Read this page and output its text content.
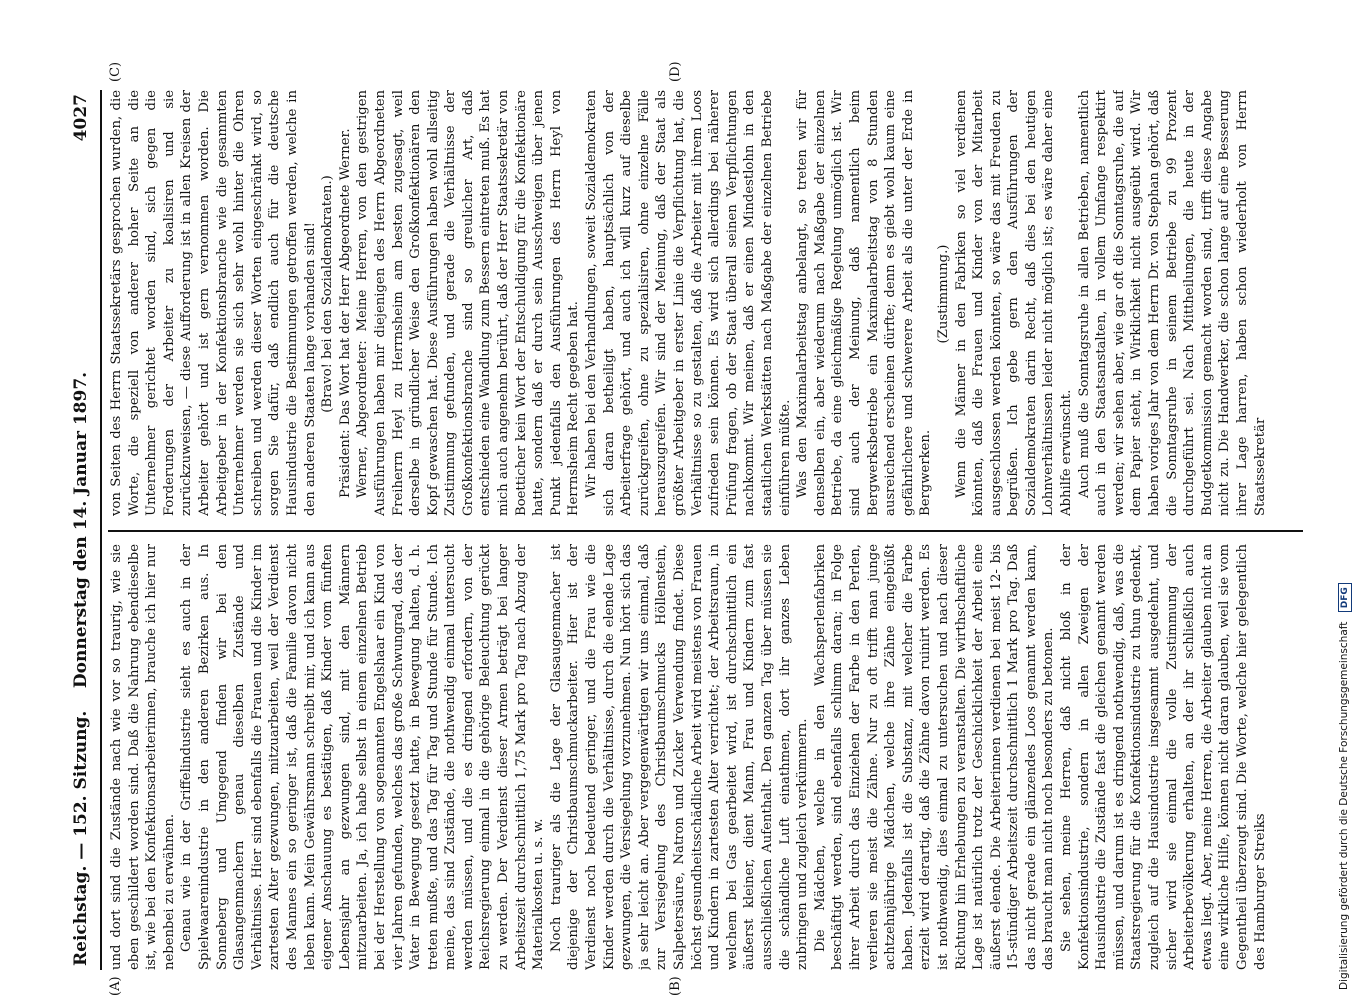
Reichstag. — 152. Sitzung.
Donnerstag den 14. Januar 1897.
4027
(A)	(B)
(C)	(D)

und dort sind die Zustände nach wie vor so traurig, wie sie eben geschildert worden sind. Daß die Nahrung ebendieselbe ist, wie bei den Konfektionsarbeiterinnen, brauche ich hier nur nebenbei zu erwähnen. Genau wie in der Griffelindustrie sieht es auch in der Spielwaarenindustrie in den anderen Bezirken aus. In Sonneberg und Umgegend finden wir bei den Glasangenmachern genau dieselben Zustände und Verhältnisse. Hier sind ebenfalls die Frauen und die Kinder im zartesten Alter gezwungen, mitzuarbeiten, weil der Verdienst des Mannes ein so geringer ist, daß die Familie davon nicht leben kann. Mein Gewährsmann schreibt mir, und ich kann aus eigener Anschauung es bestätigen, daß Kinder vom fünften Lebensjahr an gezwungen sind, mit den Männern mitzuarbeiten. Ja, ich habe selbst in einem einzelnen Betrieb bei der Herstellung von sogenannten Engelshaar ein Kind von vier Jahren gefunden, welches das große Schwungrad, das der Vater in Bewegung gesetzt hatte, in Bewegung halten, d. h. treten mußte, und das Tag für Tag und Stunde für Stunde. Ich meine, das sind Zustände, die nothwendig einmal untersucht werden müssen, und die es dringend erfordern, von der Reichsregierung einmal in die gehörige Beleuchtung gerückt zu werden. Der Verdienst dieser Armen beträgt bei langer Arbeitszeit durchschnittlich 1,75 Mark pro Tag nach Abzug der Materialkosten u. s. w. Noch trauriger als die Lage der Glasaugenmacher ist diejenige der Christbaumschmuckarbeiter. Hier ist der Verdienst noch bedeutend geringer, und die Frau wie die Kinder werden durch die Verhältnisse, durch die elende Lage gezwungen, die Versiegelung vorzunehmen. Nun hört sich das ja sehr leicht an. Aber vergegenwärtigen wir uns einmal, daß zur Versiegelung des Christbaumschmucks Höllenstein, Salpetersäure, Natron und Zucker Verwendung findet. Diese höchst gesundheitsschädliche Arbeit wird meistens von Frauen und Kindern in zartesten Alter verrichtet; der Arbeitsraum, in welchem bei Gas gearbeitet wird, ist durchschnittlich ein äußerst kleiner, dient Mann, Frau und Kindern zum fast ausschließlichen Aufenthalt. Den ganzen Tag über müssen sie die schändliche Luft einathmen, dort ihr ganzes Leben zubringen und zugleich verkümmern. Die Mädchen, welche in den Wachsperlenfabriken beschäftigt werden, sind ebenfalls schlimm daran; in Folge ihrer Arbeit durch das Einziehen der Farbe in den Perlen, verlieren sie meist die Zähne. Nur zu oft trifft man junge achtzehnjährige Mädchen, welche ihre Zähne eingebüßt haben. Jedenfalls ist die Substanz, mit welcher die Farbe erzielt wird derartig, daß die Zähne davon ruinirt werden. Es ist nothwendig, dies einmal zu untersuchen und nach dieser Richtung hin Erhebungen zu veranstalten. Die wirthschaftliche Lage ist natürlich trotz der Geschicklichkeit der Arbeit eine äußerst elende. Die Arbeiterinnen verdienen bei meist 12- bis 15-stündiger Arbeitszeit durchschnittlich 1 Mark pro Tag. Daß das nicht gerade ein glänzendes Loos genannt werden kann, das braucht man nicht noch besonders zu betonen. Sie sehen, meine Herren, daß nicht bloß in der Konfektionsindustrie, sondern in allen Zweigen der Hausindustrie die Zustände fast die gleichen genannt werden müssen, und darum ist es dringend nothwendig, daß, was die Staatsregierung für die Konfektionsindustrie zu thun gedenkt, zugleich auf die Hausindustrie insgesammt ausgedehnt, und sicher wird sie einmal die volle Zustimmung der Arbeiterbevölkerung erhalten, an der ihr schließlich auch etwas liegt. Aber, meine Herren, die Arbeiter glauben nicht an eine wirkliche Hilfe, können nicht daran glauben, weil sie vom Gegentheil überzeugt sind. Die Worte, welche hier gelegentlich des Hamburger Streiks

von Seiten des Herrn Staatssekretärs gesprochen wurden, die Worte, die speziell von anderer hoher Seite an die Unternehmer gerichtet worden sind, sich gegen die Forderungen der Arbeiter zu koalisiren und sie zurückzuweisen, — diese Aufforderung ist in allen Kreisen der Arbeiter gehört und ist gern vernommen worden. Die Arbeitgeber in der Konfektionsbranche wie die gesammten Unternehmer werden sie sich sehr wohl hinter die Ohren schreiben und werden dieser Worten eingeschränkt wird, so sorgen Sie dafür, daß endlich auch für die deutsche Hausindustrie die Bestimmungen getroffen werden, welche in den anderen Staaten lange vorhanden sind! (Bravo! bei den Sozialdemokraten.) Präsident: Das Wort hat der Herr Abgeordnete Werner. Werner, Abgeordneter: Meine Herren, von den gestrigen Ausführungen haben mir diejenigen des Herrn Abgeordneten Freiherrn Heyl zu Herrnsheim am besten zugesagt, weil derselbe in gründlicher Weise den Großkonfektionären den Kopf gewaschen hat. Diese Ausführungen haben wohl allseitig Zustimmung gefunden, und gerade die Verhältnisse der Großkonfektionsbranche sind so greulicher Art, daß entschieden eine Wandlung zum Bessern eintreten muß. Es hat mich auch angenehm berührt, daß der Herr Staatssekretär von Boetticher kein Wort der Entschuldigung für die Konfektionäre hatte, sondern daß er durch sein Ausschweigen über jenen Punkt jedenfalls den Ausführungen des Herrn Heyl von Herrnsheim Recht gegeben hat. Wir haben bei den Verhandlungen, soweit Sozialdemokraten sich daran betheiligt haben, hauptsächlich von der Arbeiterfrage gehört, und auch ich will kurz auf dieselbe zurückgreifen, ohne zu spezialisiren, ohne einzelne Fälle herauszugreifen. Wir sind der Meinung, daß der Staat als größter Arbeitgeber in erster Linie die Verpflichtung hat, die Verhältnisse so zu gestalten, daß die Arbeiter mit ihrem Loos zufrieden sein können. Es wird sich allerdings bei näherer Prüfung fragen, ob der Staat überall seinen Verpflichtungen nachkommt. Wir meinen, daß er einen Mindestlohn in den staatlichen Werkstätten nach Maßgabe der einzelnen Betriebe einführen müßte. Was den Maximalarbeitstag anbelangt, so treten wir für denselben ein, aber wiederum nach Maßgabe der einzelnen Betriebe, da eine gleichmäßige Regelung unmöglich ist. Wir sind auch der Meinung, daß namentlich beim Bergwerksbetriebe ein Maximalarbeitstag von 8 Stunden ausreichend erscheinen dürfte; denn es giebt wohl kaum eine gefährlichere und schwerere Arbeit als die unter der Erde in Bergwerken.

(Zustimmung.) Wenn die Männer in den Fabriken so viel verdienen könnten, daß die Frauen und Kinder von der Mitarbeit ausgeschlossen werden könnten, so wäre das mit Freuden zu begrüßen. Ich gebe gern den Ausführungen der Sozialdemokraten darin Recht, daß dies bei den heutigen Lohnverhältnissen leider nicht möglich ist; es wäre daher eine Abhilfe erwünscht. Auch muß die Sonntagsruhe in allen Betrieben, namentlich auch in den Staatsanstalten, in vollem Umfange respektirt werden; wir sehen aber, wie gar oft die Sonntagsruhe, die auf dem Papier steht, in Wirklichkeit nicht ausgeübt wird. Wir haben voriges Jahr von dem Herrn Dr. von Stephan gehört, daß die Sonntagsruhe in seinem Betriebe zu 99 Prozent durchgeführt sei. Nach Mittheilungen, die heute in der Budgetkommission gemacht worden sind, trifft diese Angabe nicht zu. Die Handwerker, die schon lange auf eine Besserung ihrer Lage harren, haben schon wiederholt von Herrn Staatssekretär

Digitalisierung gefördert durch die Deutsche Forschungsgemeinschaft DFG
